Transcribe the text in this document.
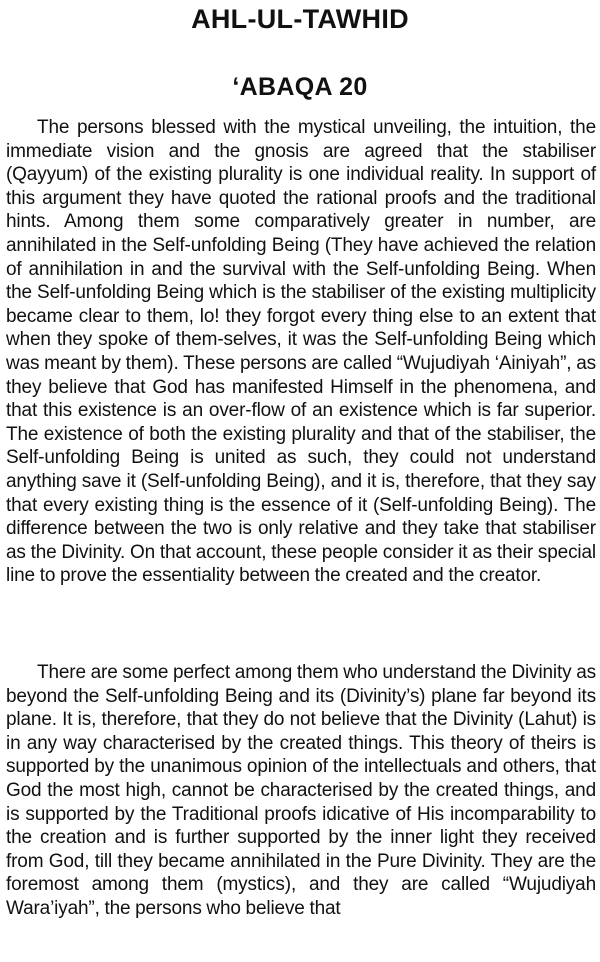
AHL-UL-TAWHID
‘ABAQA 20

The persons blessed with the mystical unveiling, the intuition, the immediate vision and the gnosis are agreed that the stabiliser (Qayyum) of the existing plurality is one individual reality. In support of this argument they have quoted the rational proofs and the traditional hints. Among them some comparatively greater in number, are annihilated in the Self-unfolding Being (They have achieved the relation of annihilation in and the survival with the Self-unfolding Being. When the Self-unfolding Being which is the stabiliser of the existing multiplicity became clear to them, lo! they forgot every thing else to an extent that when they spoke of them-selves, it was the Self-unfolding Being which was meant by them). These persons are called “Wujudiyah ‘Ainiyah”, as they believe that God has manifested Himself in the phenomena, and that this existence is an over-flow of an existence which is far superior. The existence of both the existing plurality and that of the stabiliser, the Self-unfolding Being is united as such, they could not understand anything save it (Self-unfolding Being), and it is, therefore, that they say that every existing thing is the essence of it (Self-unfolding Being). The difference between the two is only relative and they take that stabiliser as the Divinity. On that account, these people consider it as their special line to prove the essentiality between the created and the creator.

There are some perfect among them who understand the Divinity as beyond the Self-unfolding Being and its (Divinity’s) plane far beyond its plane. It is, therefore, that they do not believe that the Divinity (Lahut) is in any way characterised by the created things. This theory of theirs is supported by the unanimous opinion of the intellectuals and others, that God the most high, cannot be characterised by the created things, and is supported by the Traditional proofs idicative of His incomparability to the creation and is further supported by the inner light they received from God, till they became annihilated in the Pure Divinity. They are the foremost among them (mystics), and they are called “Wujudiyah Wara’iyah”, the persons who believe that
